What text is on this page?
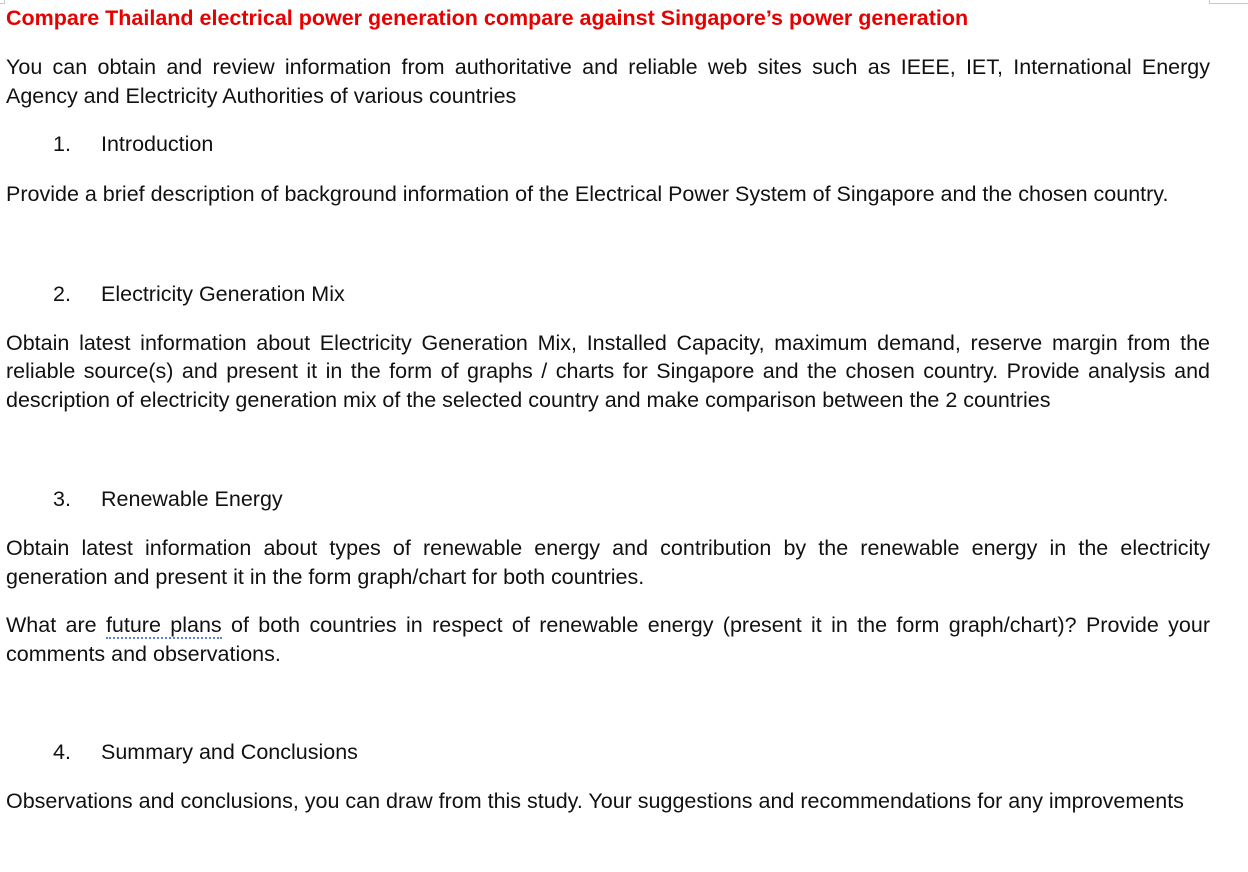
Compare Thailand electrical power generation compare against Singapore’s power generation

You can obtain and review information from authoritative and reliable web sites such as IEEE, IET, International Energy Agency and Electricity Authorities of various countries

1. Introduction

Provide a brief description of background information of the Electrical Power System of Singapore and the chosen country.

2. Electricity Generation Mix

Obtain latest information about Electricity Generation Mix, Installed Capacity, maximum demand, reserve margin from the reliable source(s) and present it in the form of graphs / charts for Singapore and the chosen country. Provide analysis and description of electricity generation mix of the selected country and make comparison between the 2 countries

3. Renewable Energy

Obtain latest information about types of renewable energy and contribution by the renewable energy in the electricity generation and present it in the form graph/chart for both countries.

What are future plans of both countries in respect of renewable energy (present it in the form graph/chart)? Provide your comments and observations.

4. Summary and Conclusions

Observations and conclusions, you can draw from this study. Your suggestions and recommendations for any improvements
